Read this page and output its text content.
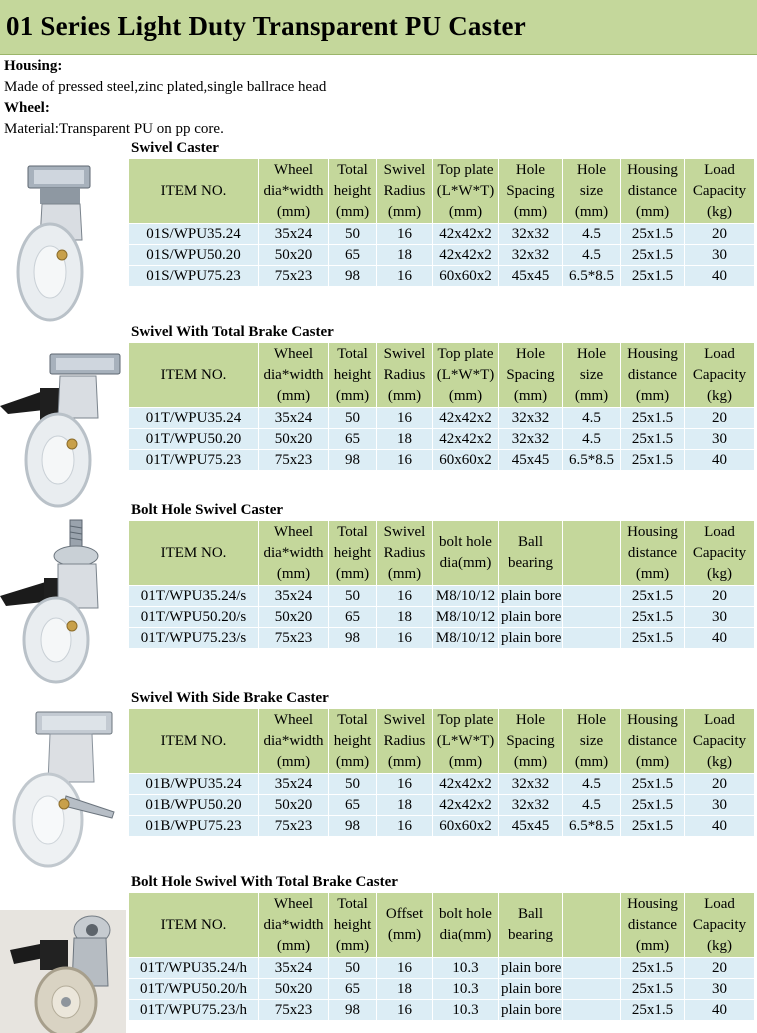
01 Series Light Duty Transparent PU Caster
Housing:
Made of pressed steel,zinc plated,single ballrace head
Wheel:
Material:Transparent PU on pp core.
Swivel Caster
ITEM NO.	Wheel
dia*width
(mm)	Total
height
(mm)	Swivel
Radius
(mm)	Top plate
(L*W*T)
(mm)	Hole
Spacing
(mm)	Hole
size
(mm)	Housing
distance
(mm)	Load
Capacity
(kg)

01S/WPU35.24	35x24	50	16	42x42x2	32x32	4.5	25x1.5	20
01S/WPU50.20	50x20	65	18	42x42x2	32x32	4.5	25x1.5	30
01S/WPU75.23	75x23	98	16	60x60x2	45x45	6.5*8.5	25x1.5	40
Swivel With Total Brake Caster
ITEM NO.	Wheel
dia*width
(mm)	Total
height
(mm)	Swivel
Radius
(mm)	Top plate
(L*W*T)
(mm)	Hole
Spacing
(mm)	Hole
size
(mm)	Housing
distance
(mm)	Load
Capacity
(kg)

01T/WPU35.24	35x24	50	16	42x42x2	32x32	4.5	25x1.5	20
01T/WPU50.20	50x20	65	18	42x42x2	32x32	4.5	25x1.5	30
01T/WPU75.23	75x23	98	16	60x60x2	45x45	6.5*8.5	25x1.5	40
Bolt Hole Swivel Caster
ITEM NO.	Wheel
dia*width
(mm)	Total
height
(mm)	Swivel
Radius
(mm)	bolt hole
dia(mm)	Ball
bearing		Housing
distance
(mm)	Load
Capacity
(kg)

01T/WPU35.24/s	35x24	50	16	M8/10/12	plain bore		25x1.5	20
01T/WPU50.20/s	50x20	65	18	M8/10/12	plain bore		25x1.5	30
01T/WPU75.23/s	75x23	98	16	M8/10/12	plain bore		25x1.5	40
Swivel With Side Brake Caster
ITEM NO.	Wheel
dia*width
(mm)	Total
height
(mm)	Swivel
Radius
(mm)	Top plate
(L*W*T)
(mm)	Hole
Spacing
(mm)	Hole
size
(mm)	Housing
distance
(mm)	Load
Capacity
(kg)

01B/WPU35.24	35x24	50	16	42x42x2	32x32	4.5	25x1.5	20
01B/WPU50.20	50x20	65	18	42x42x2	32x32	4.5	25x1.5	30
01B/WPU75.23	75x23	98	16	60x60x2	45x45	6.5*8.5	25x1.5	40
Bolt Hole Swivel With Total Brake Caster
ITEM NO.	Wheel
dia*width
(mm)	Total
height
(mm)	Offset
(mm)	bolt hole
dia(mm)	Ball
bearing		Housing
distance
(mm)	Load
Capacity
(kg)

01T/WPU35.24/h	35x24	50	16	10.3	plain bore		25x1.5	20
01T/WPU50.20/h	50x20	65	18	10.3	plain bore		25x1.5	30
01T/WPU75.23/h	75x23	98	16	10.3	plain bore		25x1.5	40
